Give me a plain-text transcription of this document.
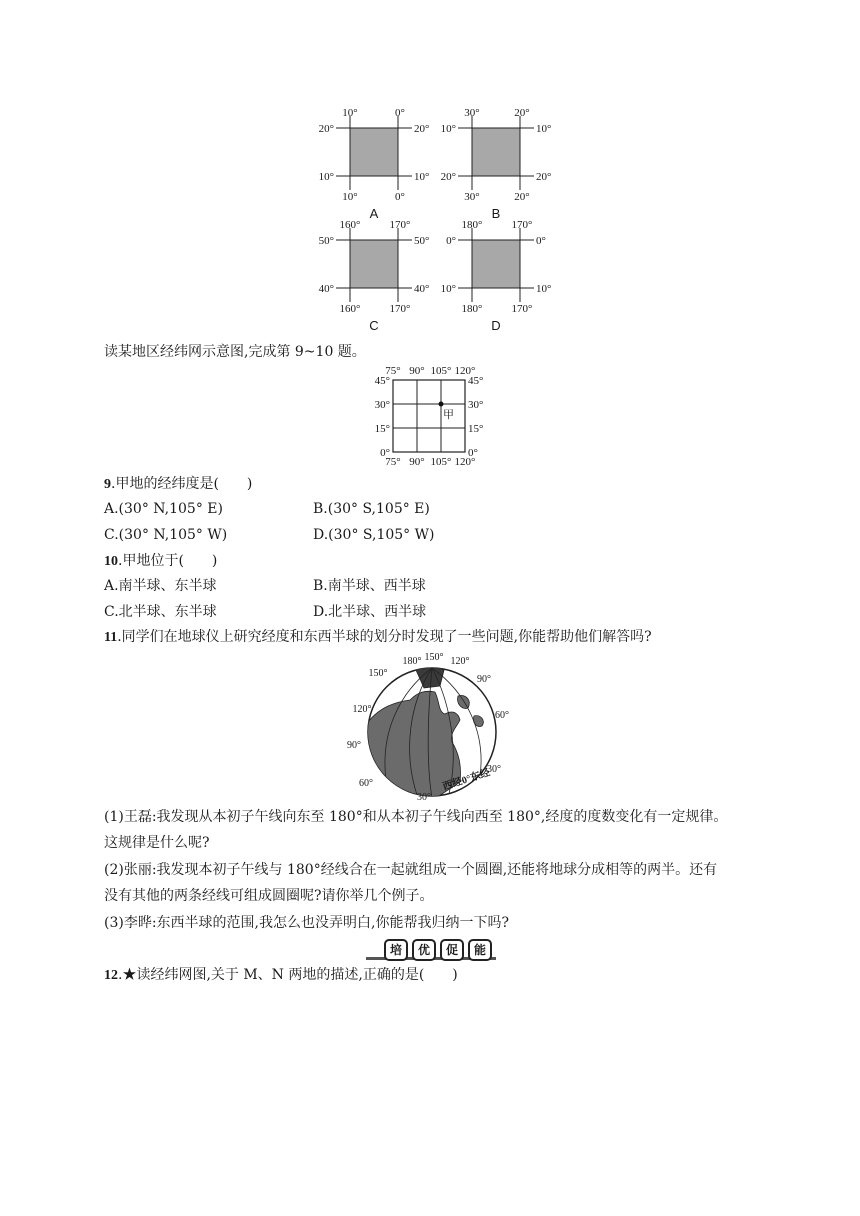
10°	0°
20°	20°
10°	10°
10°	0°
A
30°	20°
10°	10°
20°	20°
30°	20°
B
160°	170°
50°	50°
40°	40°
160°	170°
C
180°	170°
0°	0°
10°	10°
180°	170°
D
读某地区经纬网示意图,完成第 9~10 题。
75° 90° 105° 120°
75° 90° 105° 120°
45°
30°
15°
0°
45°
30°
15°
0°
甲
9.甲地的经纬度是(　　)
A.(30° N,105° E)	B.(30° S,105° E)
C.(30° N,105° W)	D.(30° S,105° W)
10.甲地位于(　　)
A.南半球、东半球	B.南半球、西半球
C.北半球、东半球	D.北半球、西半球
11.同学们在地球仪上研究经度和东西半球的划分时发现了一些问题,你能帮助他们解答吗?
180° 150° 120°
150°
90°
120°
60°
90°
30°
60°
30°
西经0°东经
(1)王磊:我发现从本初子午线向东至 180°和从本初子午线向西至 180°,经度的度数变化有一定规律。
这规律是什么呢?
(2)张丽:我发现本初子午线与 180°经线合在一起就组成一个圆圈,还能将地球分成相等的两半。还有
没有其他的两条经线可组成圆圈呢?请你举几个例子。
(3)李晔:东西半球的范围,我怎么也没弄明白,你能帮我归纳一下吗?
培	优	促	能
12.★读经纬网图,关于 M、N 两地的描述,正确的是(　　)
